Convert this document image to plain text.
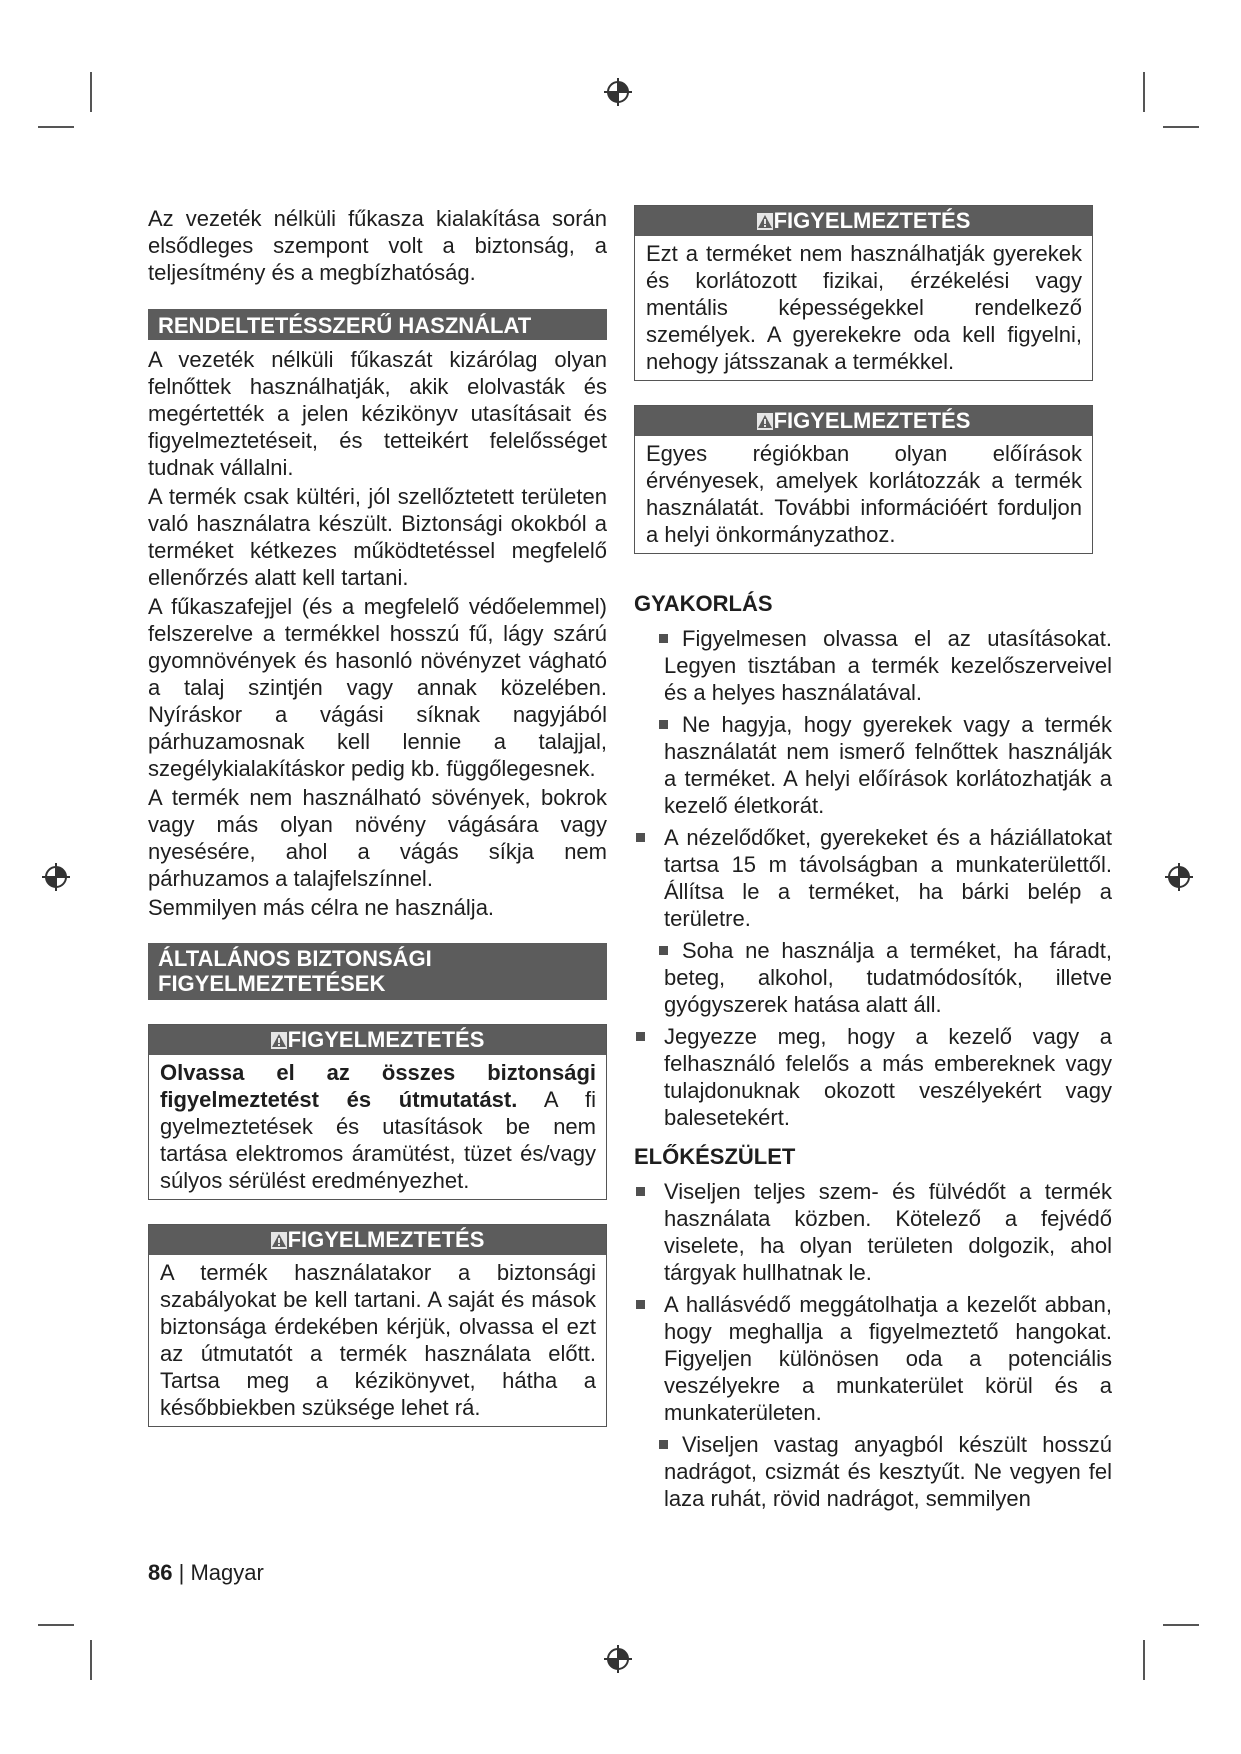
Az vezeték nélküli fűkasza kialakítása során elsődleges szempont volt a biztonság, a teljesítmény és a megbízhatóság.

RENDELTETÉSSZERŰ HASZNÁLAT

A vezeték nélküli fűkaszát kizárólag olyan felnőttek használhatják, akik elolvasták és megértették a jelen kézikönyv utasításait és figyelmeztetéseit, és tetteikért felelősséget tudnak vállalni.

A termék csak kültéri, jól szellőztetett területen való használatra készült. Biztonsági okokból a terméket kétkezes működtetéssel megfelelő ellenőrzés alatt kell tartani.

A fűkaszafejjel (és a megfelelő védőelemmel) felszerelve a termékkel hosszú fű, lágy szárú gyomnövények és hasonló növényzet vágható a talaj szintjén vagy annak közelében. Nyíráskor a vágási síknak nagyjából párhuzamosnak kell lennie a talajjal, szegélykialakításkor pedig kb. függőlegesnek.

A termék nem használható sövények, bokrok vagy más olyan növény vágására vagy nyesésére, ahol a vágás síkja nem párhuzamos a talajfelszínnel.

Semmilyen más célra ne használja.

ÁLTALÁNOS BIZTONSÁGI
FIGYELMEZTETÉSEK
FIGYELMEZTETÉS
Olvassa el az összes biztonsági figyelmeztetést és útmutatást. A fi gyelmeztetések és utasítások be nem tartása elektromos áramütést, tüzet és/vagy súlyos sérülést eredményezhet.
FIGYELMEZTETÉS
A termék használatakor a biztonsági szabályokat be kell tartani. A saját és mások biztonsága érdekében kérjük, olvassa el ezt az útmutatót a termék használata előtt. Tartsa meg a kézikönyvet, hátha a későbbiekben szüksége lehet rá.
FIGYELMEZTETÉS
Ezt a terméket nem használhatják gyerekek és korlátozott fizikai, érzékelési vagy mentális képességekkel rendelkező személyek. A gyerekekre oda kell figyelni, nehogy játsszanak a termékkel.
FIGYELMEZTETÉS
Egyes régiókban olyan előírások érvényesek, amelyek korlátozzák a termék használatát. További információért forduljon a helyi önkormányzathoz.
GYAKORLÁS
Figyelmesen olvassa el az utasításokat. Legyen tisztában a termék kezelőszerveivel és a helyes használatával.
Ne hagyja, hogy gyerekek vagy a termék használatát nem ismerő felnőttek használják a terméket. A helyi előírások korlátozhatják a kezelő életkorát.
A nézelődőket, gyerekeket és a háziállatokat tartsa 15 m távolságban a munkaterülettől. Állítsa le a terméket, ha bárki belép a területre.
Soha ne használja a terméket, ha fáradt, beteg, alkohol, tudatmódosítók, illetve gyógyszerek hatása alatt áll.
Jegyezze meg, hogy a kezelő vagy a felhasználó felelős a más embereknek vagy tulajdonuknak okozott veszélyekért vagy balesetekért.
ELŐKÉSZÜLET
Viseljen teljes szem- és fülvédőt a termék használata közben. Kötelező a fejvédő viselete, ha olyan területen dolgozik, ahol tárgyak hullhatnak le.
A hallásvédő meggátolhatja a kezelőt abban, hogy meghallja a figyelmeztető hangokat. Figyeljen különösen oda a potenciális veszélyekre a munkaterület körül és a munkaterületen.
Viseljen vastag anyagból készült hosszú nadrágot, csizmát és kesztyűt. Ne vegyen fel laza ruhát, rövid nadrágot, semmilyen
86 | Magyar
